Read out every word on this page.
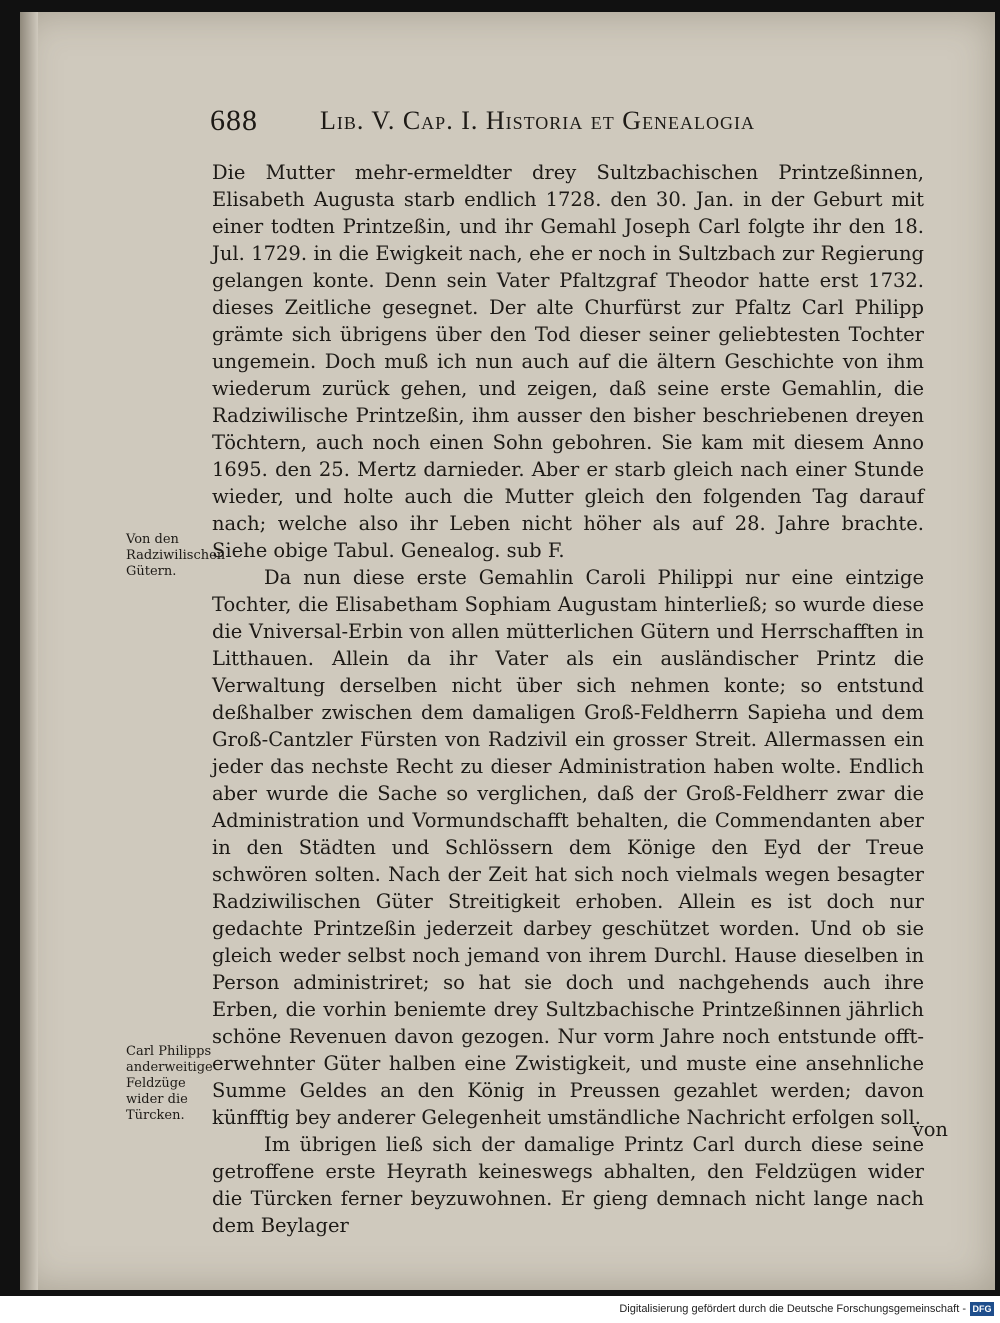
688 Lib. V. Cap. I. Historia et Genealogia

Die Mutter mehr-ermeldter drey Sultzbachischen Printzeßinnen, Elisabeth Augusta starb endlich 1728. den 30. Jan. in der Geburt mit einer todten Printzeßin, und ihr Gemahl Joseph Carl folgte ihr den 18. Jul. 1729. in die Ewigkeit nach, ehe er noch in Sultzbach zur Regierung gelangen konte. Denn sein Vater Pfaltzgraf Theodor hatte erst 1732. dieses Zeitliche gesegnet. Der alte Churfürst zur Pfaltz Carl Philipp grämte sich übrigens über den Tod dieser seiner geliebtesten Tochter ungemein. Doch muß ich nun auch auf die ältern Geschichte von ihm wiederum zurück gehen, und zeigen, daß seine erste Gemahlin, die Radziwilische Printzeßin, ihm ausser den bisher beschriebenen dreyen Töchtern, auch noch einen Sohn gebohren. Sie kam mit diesem Anno 1695. den 25. Mertz darnieder. Aber er starb gleich nach einer Stunde wieder, und holte auch die Mutter gleich den folgenden Tag darauf nach; welche also ihr Leben nicht höher als auf 28. Jahre brachte. Siehe obige Tabul. Genealog. sub F.

Da nun diese erste Gemahlin Caroli Philippi nur eine eintzige Tochter, die Elisabetham Sophiam Augustam hinterließ; so wurde diese die Vniversal-Erbin von allen mütterlichen Gütern und Herrschafften in Litthauen. Allein da ihr Vater als ein ausländischer Printz die Verwaltung derselben nicht über sich nehmen konte; so entstund deßhalber zwischen dem damaligen Groß-Feldherrn Sapieha und dem Groß-Cantzler Fürsten von Radzivil ein grosser Streit. Allermassen ein jeder das nechste Recht zu dieser Administration haben wolte. Endlich aber wurde die Sache so verglichen, daß der Groß-Feldherr zwar die Administration und Vormundschafft behalten, die Commendanten aber in den Städten und Schlössern dem Könige den Eyd der Treue schwören solten. Nach der Zeit hat sich noch vielmals wegen besagter Radziwilischen Güter Streitigkeit erhoben. Allein es ist doch nur gedachte Printzeßin jederzeit darbey geschützet worden. Und ob sie gleich weder selbst noch jemand von ihrem Durchl. Hause dieselben in Person administriret; so hat sie doch und nachgehends auch ihre Erben, die vorhin beniemte drey Sultzbachische Printzeßinnen jährlich schöne Revenuen davon gezogen. Nur vorm Jahre noch entstunde offt-erwehnter Güter halben eine Zwistigkeit, und muste eine ansehnliche Summe Geldes an den König in Preussen gezahlet werden; davon künfftig bey anderer Gelegenheit umständliche Nachricht erfolgen soll.

Im übrigen ließ sich der damalige Printz Carl durch diese seine getroffene erste Heyrath keineswegs abhalten, den Feldzügen wider die Türcken ferner beyzuwohnen. Er gieng demnach nicht lange nach dem Beylager

Von den Radziwilischen Gütern.

Carl Philipps anderweitige Feldzüge wider die Türcken.

von
Digitalisierung gefördert durch die Deutsche Forschungsgemeinschaft - DFG
